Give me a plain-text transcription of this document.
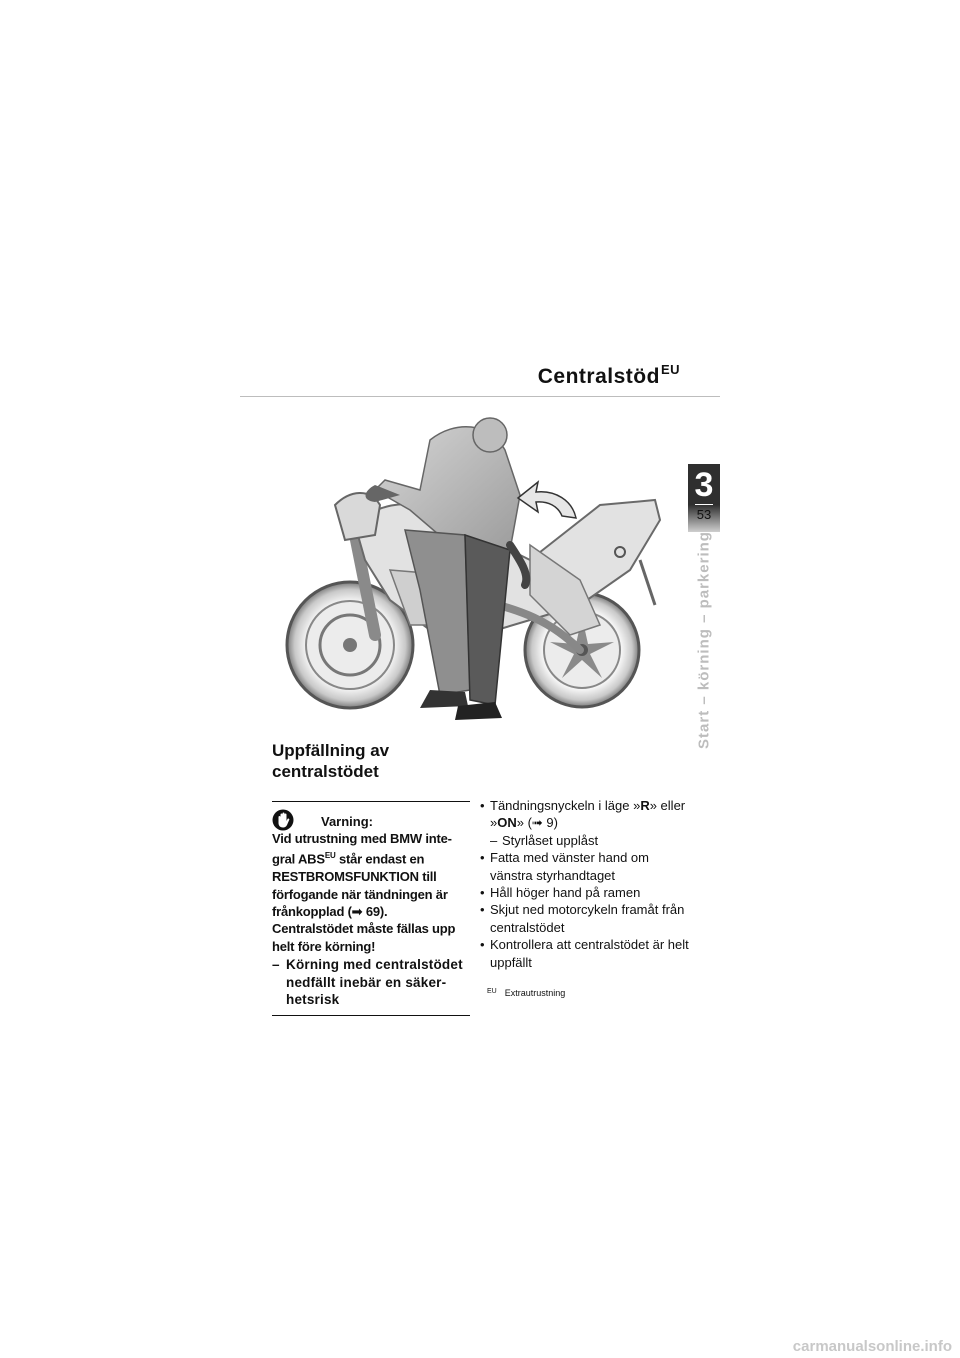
Centralstöd$^{EU}$
3
53
Start – körning – parkering
Uppfällning av
centralstödet
Varning:
Vid utrustning med BMW inte-gral $ABS^{EU}$ står endast en RESTBROMSFUNKTION till förfogande när tändningen är frånkopplad (➟ 69). Centralstödet måste fällas upp helt före körning!
– Körning med centralstödet nedfällt inebär en säker-hetsrisk
• Tändningsnyckeln i läge »R» eller »ON» (➟ 9)
– Styrlåset upplåst
• Fatta med vänster hand om vänstra styrhandtaget
• Håll höger hand på ramen
• Skjut ned motorcykeln framåt från centralstödet
• Kontrollera att centralstödet är helt uppfällt
$^{EU}$ Extrautrustning
carmanualsonline.info
